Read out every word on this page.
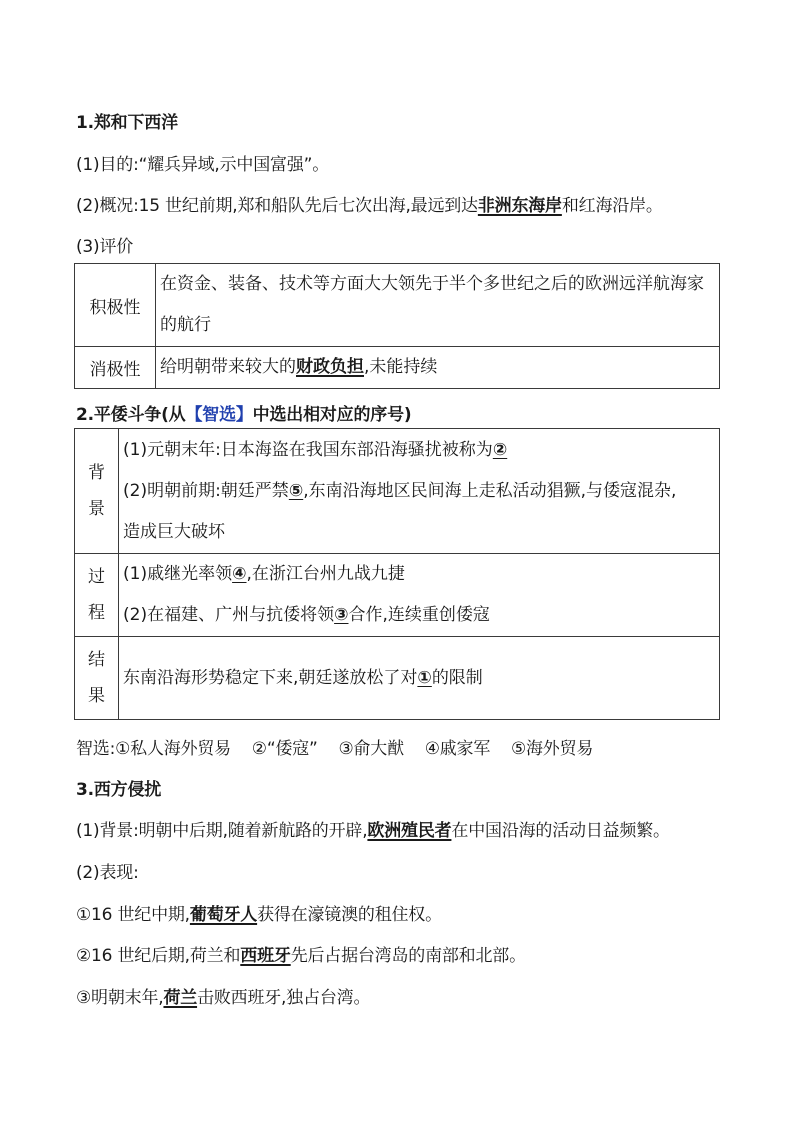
1.郑和下西洋
(1)目的:“耀兵异域,示中国富强”。
(2)概况:15 世纪前期,郑和船队先后七次出海,最远到达非洲东海岸和红海沿岸。
(3)评价
积极性	在资金、装备、技术等方面大大领先于半个多世纪之后的欧洲远洋航海家的航行

消极性	给明朝带来较大的财政负担,未能持续
2.平倭斗争(从【智选】中选出相对应的序号)
背景	(1)元朝末年:日本海盗在我国东部沿海骚扰被称为②
(2)明朝前期:朝廷严禁⑤,东南沿海地区民间海上走私活动猖獗,与倭寇混杂,
造成巨大破坏

过程	(1)戚继光率领④,在浙江台州九战九捷
(2)在福建、广州与抗倭将领③合作,连续重创倭寇

结果	东南沿海形势稳定下来,朝廷遂放松了对①的限制
智选:①私人海外贸易    ②“倭寇”    ③俞大猷    ④戚家军    ⑤海外贸易
3.西方侵扰
(1)背景:明朝中后期,随着新航路的开辟,欧洲殖民者在中国沿海的活动日益频繁。
(2)表现:
①16 世纪中期,葡萄牙人获得在濠镜澳的租住权。
②16 世纪后期,荷兰和西班牙先后占据台湾岛的南部和北部。
③明朝末年,荷兰击败西班牙,独占台湾。
